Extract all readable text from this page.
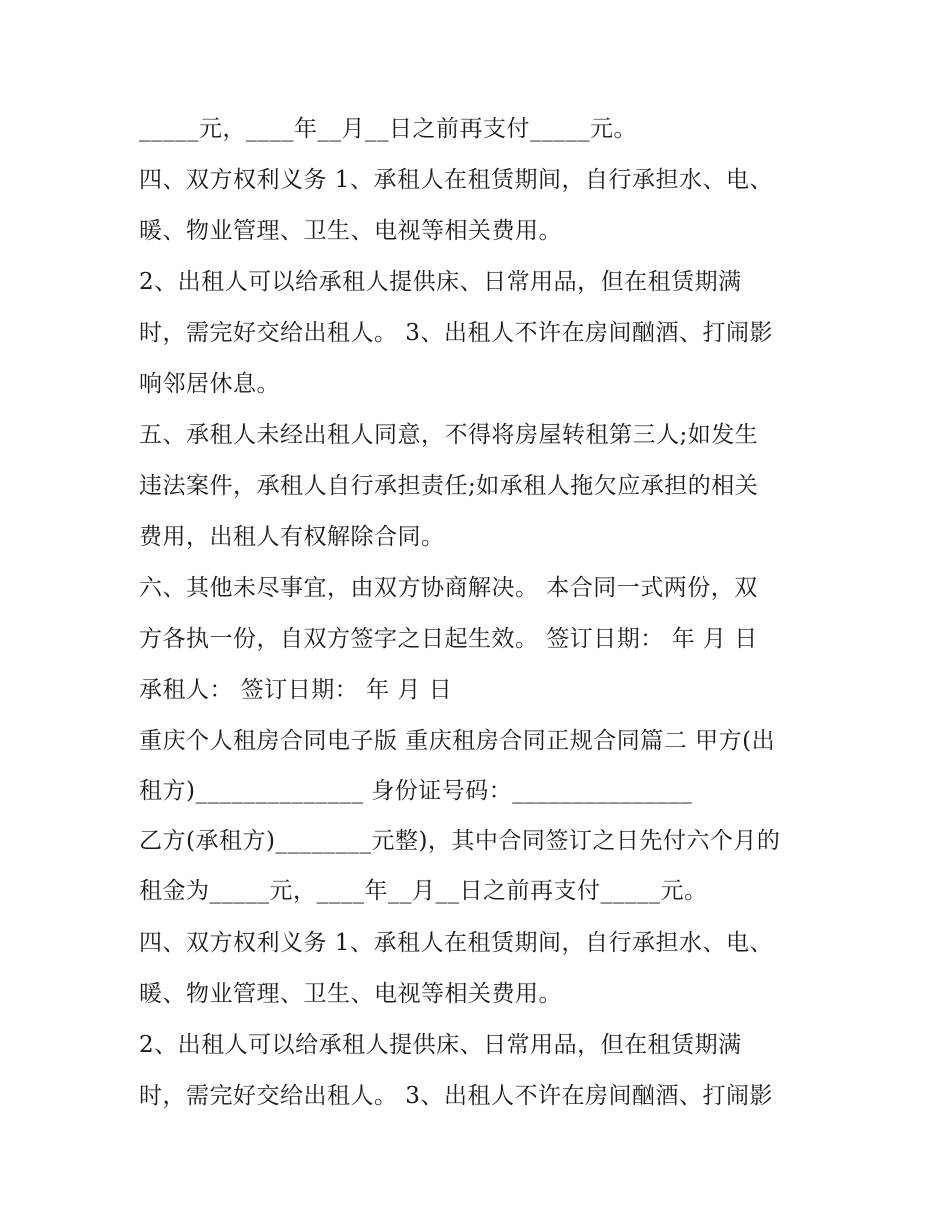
_____元，____年__月__日之前再支付_____元。
四、双方权利义务 1、承租人在租赁期间，自行承担水、电、
暖、物业管理、卫生、电视等相关费用。
2、出租人可以给承租人提供床、日常用品，但在租赁期满
时，需完好交给出租人。 3、出租人不许在房间酗酒、打闹影
响邻居休息。
五、承租人未经出租人同意，不得将房屋转租第三人;如发生
违法案件，承租人自行承担责任;如承租人拖欠应承担的相关
费用，出租人有权解除合同。
六、其他未尽事宜，由双方协商解决。 本合同一式两份，双
方各执一份，自双方签字之日起生效。 签订日期： 年 月 日
承租人： 签订日期： 年 月 日
重庆个人租房合同电子版 重庆租房合同正规合同篇二 甲方(出
租方)______________ 身份证号码：_______________
乙方(承租方)________元整)，其中合同签订之日先付六个月的
租金为_____元，____年__月__日之前再支付_____元。
四、双方权利义务 1、承租人在租赁期间，自行承担水、电、
暖、物业管理、卫生、电视等相关费用。
2、出租人可以给承租人提供床、日常用品，但在租赁期满
时，需完好交给出租人。 3、出租人不许在房间酗酒、打闹影
